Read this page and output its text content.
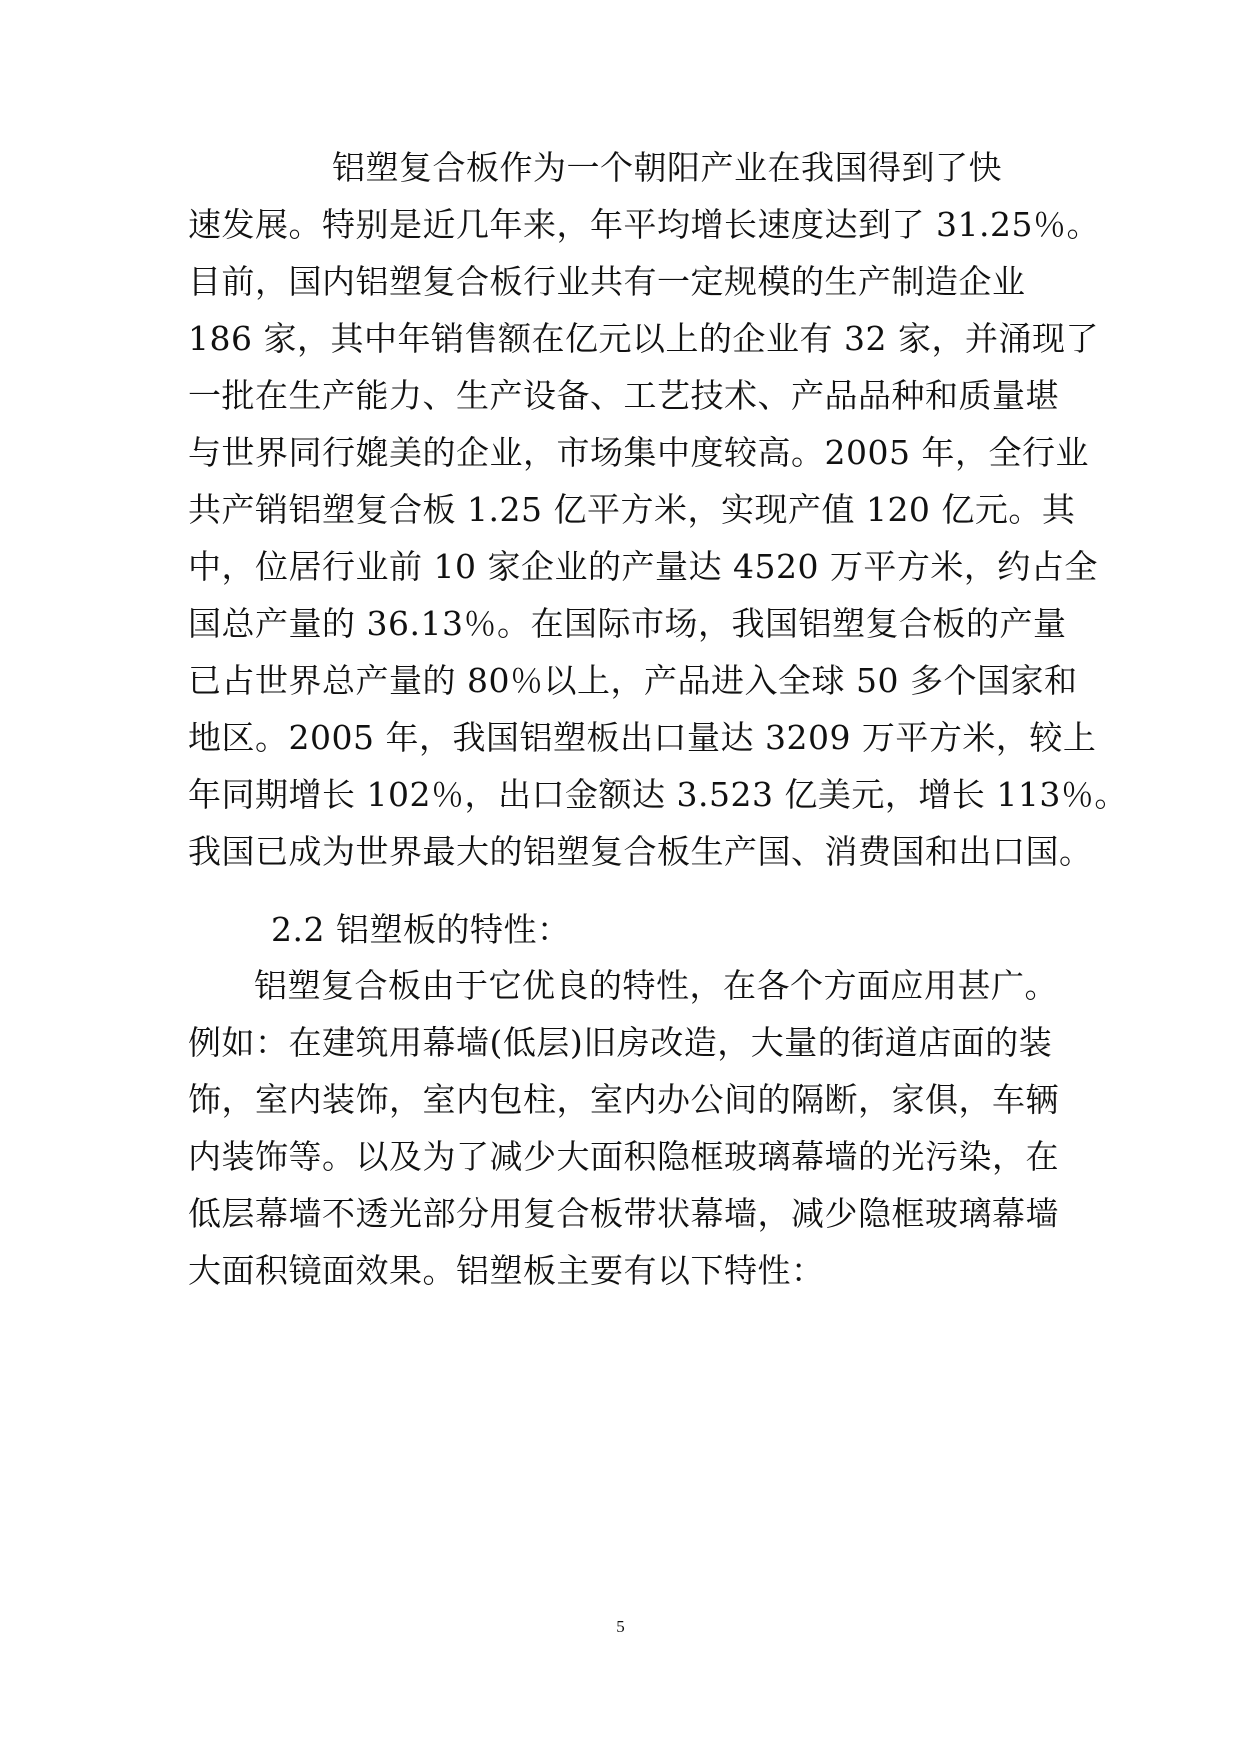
铝塑复合板作为一个朝阳产业在我国得到了快
速发展。特别是近几年来，年平均增长速度达到了 31.25％。
目前，国内铝塑复合板行业共有一定规模的生产制造企业
186 家，其中年销售额在亿元以上的企业有 32 家，并涌现了
一批在生产能力、生产设备、工艺技术、产品品种和质量堪
与世界同行媲美的企业，市场集中度较高。2005 年，全行业
共产销铝塑复合板 1.25 亿平方米，实现产值 120 亿元。其
中，位居行业前 10 家企业的产量达 4520 万平方米，约占全
国总产量的 36.13％。在国际市场，我国铝塑复合板的产量
已占世界总产量的 80％以上，产品进入全球 50 多个国家和
地区。2005 年，我国铝塑板出口量达 3209 万平方米，较上
年同期增长 102％，出口金额达 3.523 亿美元，增长 113％。
我国已成为世界最大的铝塑复合板生产国、消费国和出口国。
2.2 铝塑板的特性：
铝塑复合板由于它优良的特性，在各个方面应用甚广。
例如：在建筑用幕墙(低层)旧房改造，大量的街道店面的装
饰，室内装饰，室内包柱，室内办公间的隔断，家俱，车辆
内装饰等。以及为了减少大面积隐框玻璃幕墙的光污染，在
低层幕墙不透光部分用复合板带状幕墙，减少隐框玻璃幕墙
大面积镜面效果。铝塑板主要有以下特性：
5
